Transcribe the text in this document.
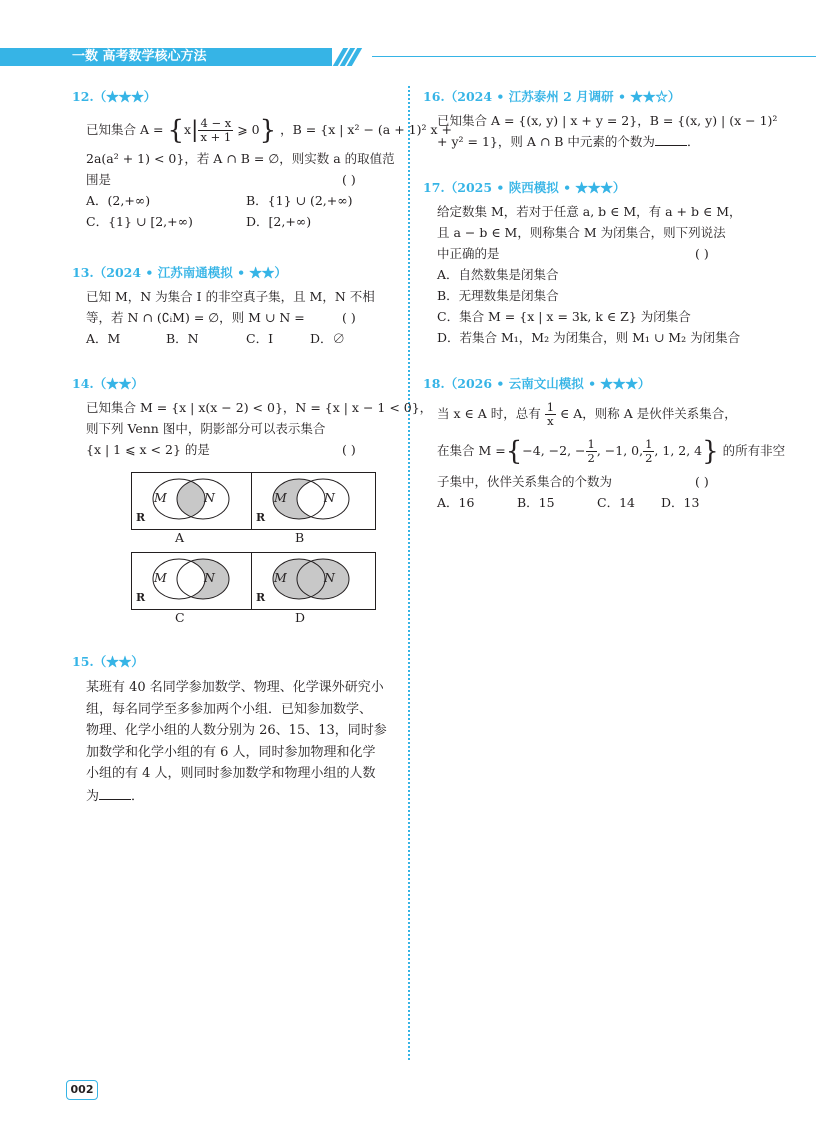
一数 高考数学核心方法
12.（★★★）
已知集合 $A = \{x| \frac{4 - x}{x + 1}$ ⩾ 0} ，B = {x | x² − (a + 1)² x +
2a(a² + 1) < 0}，若 A ∩ B = ∅，则实数 a 的取值范
围是	( )
A．(2,+∞)	B．{1} ∪ (2,+∞)
C．{1} ∪ [2,+∞)	D．[2,+∞)
13.（2024 • 江苏南通模拟 • ★★）
已知 M，N 为集合 I 的非空真子集，且 M，N 不相
等，若 N ∩ (∁ᵢM) = ∅，则 M ∪ N =	( )
A．M	B．N	C．I	D．∅
14.（★★）
已知集合 M = {x | x(x − 2) < 0}，N = {x | x − 1 < 0}，
则下列 Venn 图中，阴影部分可以表示集合
{x | 1 ⩽ x < 2} 的是	( )
M	N
R
A
M	N
R
B
M	N
R
C
M	N
R
D
15.（★★）
某班有 40 名同学参加数学、物理、化学课外研究小
组，每名同学至多参加两个小组．已知参加数学、
物理、化学小组的人数分别为 26、15、13，同时参
加数学和化学小组的有 6 人，同时参加物理和化学
小组的有 4 人，则同时参加数学和物理小组的人数
为 ．
16.（2024 • 江苏泰州 2 月调研 • ★★☆）
已知集合 A = {(x, y) | x + y = 2}，B = {(x, y) | (x − 1)²
+ y² = 1}，则 A ∩ B 中元素的个数为	．
17.（2025 • 陕西模拟 • ★★★）
给定数集 M，若对于任意 a, b ∈ M，有 a + b ∈ M，
且 a − b ∈ M，则称集合 M 为闭集合，则下列说法
中正确的是	( )
A．自然数集是闭集合
B．无理数集是闭集合
C．集合 M = {x | x = 3k, k ∈ Z} 为闭集合
D．若集合 M₁，M₂ 为闭集合，则 M₁ ∪ M₂ 为闭集合
18.（2026 • 云南文山模拟 • ★★★）
当 x ∈ A 时，总有 $\frac{1}{x}$ ∈ A，则称 A 是伙伴关系集合，
在集合 M ={−4, −2, − $\frac{1}{2}$ , −1, 0, $\frac{1}{2}$ , 1, 2, 4} 的所有非空
子集中，伙伴关系集合的个数为	( )
A．16	B．15	C．14	D．13
002
